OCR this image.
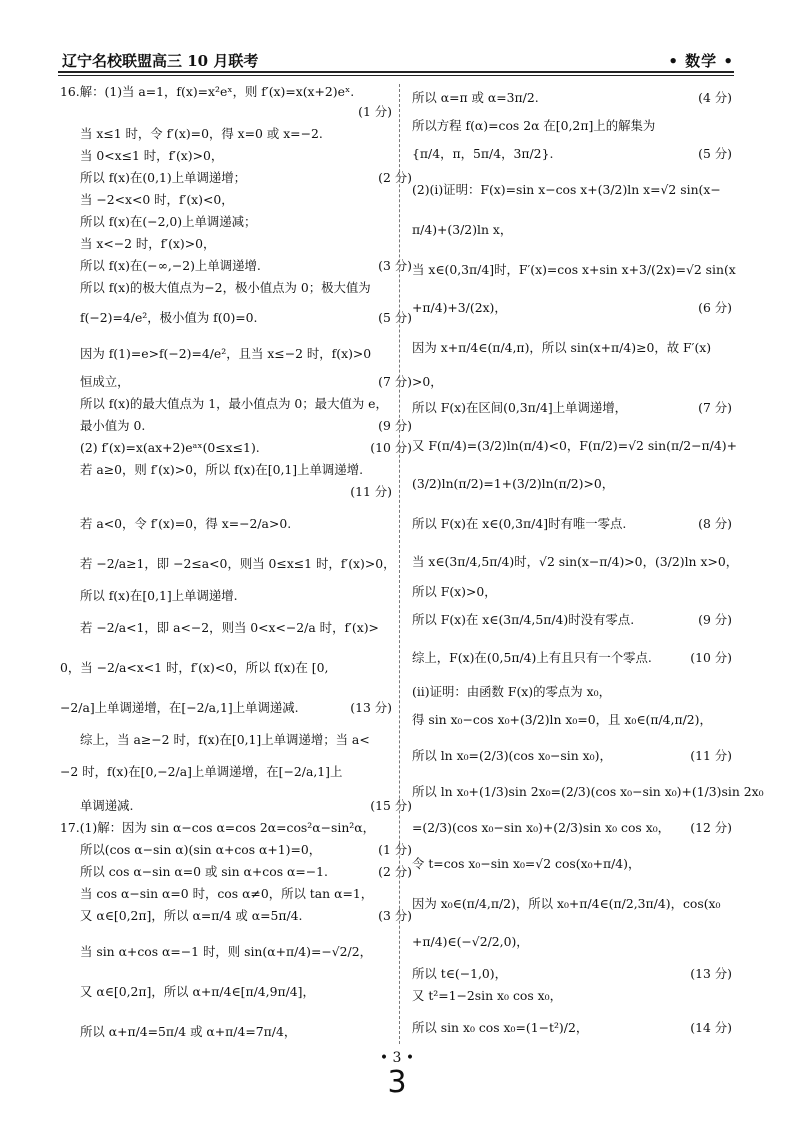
辽宁名校联盟高三 10 月联考	• 数学 •
16.解：(1)当 a=1，f(x)=x²eˣ，则 f′(x)=x(x+2)eˣ.
(1 分)
当 x≤1 时，令 f′(x)=0，得 x=0 或 x=−2.
当 0<x≤1 时，f′(x)>0，
所以 f(x)在(0,1)上单调递增；	(2 分)
当 −2<x<0 时，f′(x)<0，
所以 f(x)在(−2,0)上单调递减；
当 x<−2 时，f′(x)>0，
所以 f(x)在(−∞,−2)上单调递增.	(3 分)
所以 f(x)的极大值点为−2，极小值点为 0；极大值为
f(−2)=4/e²，极小值为 f(0)=0.	(5 分)
因为 f(1)=e>f(−2)=4/e²，且当 x≤−2 时，f(x)>0
恒成立，	(7 分)
所以 f(x)的最大值点为 1，最小值点为 0；最大值为 e，
最小值为 0.	(9 分)
(2) f′(x)=x(ax+2)eᵃˣ(0≤x≤1).	(10 分)
若 a≥0，则 f′(x)>0，所以 f(x)在[0,1]上单调递增.
(11 分)
若 a<0，令 f′(x)=0，得 x=−2/a>0.
若 −2/a≥1，即 −2≤a<0，则当 0≤x≤1 时，f′(x)>0，
所以 f(x)在[0,1]上单调递增.
若 −2/a<1，即 a<−2，则当 0<x<−2/a 时，f′(x)>
0，当 −2/a<x<1 时，f′(x)<0，所以 f(x)在 [0,
−2/a]上单调递增，在[−2/a,1]上单调递减.	(13 分)
综上，当 a≥−2 时，f(x)在[0,1]上单调递增；当 a<
−2 时，f(x)在[0,−2/a]上单调递增，在[−2/a,1]上
单调递减.	(15 分)
17.(1)解：因为 sin α−cos α=cos 2α=cos²α−sin²α，
所以(cos α−sin α)(sin α+cos α+1)=0，	(1 分)
所以 cos α−sin α=0 或 sin α+cos α=−1.	(2 分)
当 cos α−sin α=0 时，cos α≠0，所以 tan α=1，
又 α∈[0,2π]，所以 α=π/4 或 α=5π/4.	(3 分)
当 sin α+cos α=−1 时，则 sin(α+π/4)=−√2/2，
又 α∈[0,2π]，所以 α+π/4∈[π/4,9π/4]，
所以 α+π/4=5π/4 或 α+π/4=7π/4，
所以 α=π 或 α=3π/2.	(4 分)
所以方程 f(α)=cos 2α 在[0,2π]上的解集为
{π/4，π，5π/4，3π/2}.	(5 分)
(2)(i)证明：F(x)=sin x−cos x+(3/2)ln x=√2 sin(x−
π/4)+(3/2)ln x，
当 x∈(0,3π/4]时，F′(x)=cos x+sin x+3/(2x)=√2 sin(x
+π/4)+3/(2x)，	(6 分)
因为 x+π/4∈(π/4,π)，所以 sin(x+π/4)≥0，故 F′(x)
>0，
所以 F(x)在区间(0,3π/4]上单调递增，	(7 分)
又 F(π/4)=(3/2)ln(π/4)<0，F(π/2)=√2 sin(π/2−π/4)+
(3/2)ln(π/2)=1+(3/2)ln(π/2)>0，
所以 F(x)在 x∈(0,3π/4]时有唯一零点.	(8 分)
当 x∈(3π/4,5π/4)时，√2 sin(x−π/4)>0，(3/2)ln x>0，
所以 F(x)>0，
所以 F(x)在 x∈(3π/4,5π/4)时没有零点.	(9 分)
综上，F(x)在(0,5π/4)上有且只有一个零点.	(10 分)
(ii)证明：由函数 F(x)的零点为 x₀，
得 sin x₀−cos x₀+(3/2)ln x₀=0，且 x₀∈(π/4,π/2)，
所以 ln x₀=(2/3)(cos x₀−sin x₀)，	(11 分)
所以 ln x₀+(1/3)sin 2x₀=(2/3)(cos x₀−sin x₀)+(1/3)sin 2x₀
=(2/3)(cos x₀−sin x₀)+(2/3)sin x₀ cos x₀， (12 分)
令 t=cos x₀−sin x₀=√2 cos(x₀+π/4)，
因为 x₀∈(π/4,π/2)，所以 x₀+π/4∈(π/2,3π/4)，cos(x₀
+π/4)∈(−√2/2,0)，
所以 t∈(−1,0)，	(13 分)
又 t²=1−2sin x₀ cos x₀，
所以 sin x₀ cos x₀=(1−t²)/2，	(14 分)
• 3 •
3
